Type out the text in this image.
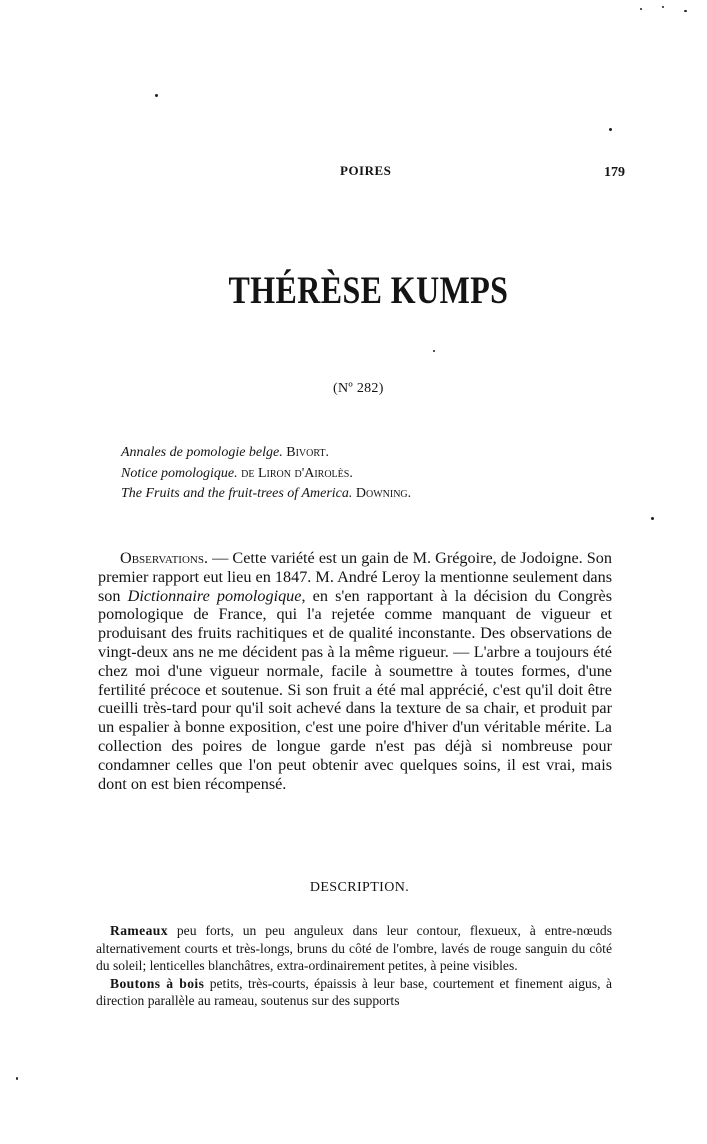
POIRES	179
THÉRÈSE KUMPS
(Nº 282)
Annales de pomologie belge. Bivort.
Notice pomologique. de Liron d'Airolès.
The Fruits and the fruit-trees of America. Downing.

Observations. — Cette variété est un gain de M. Grégoire, de Jodoigne. Son premier rapport eut lieu en 1847. M. André Leroy la mentionne seulement dans son Dictionnaire pomologique, en s'en rapportant à la décision du Congrès pomologique de France, qui l'a rejetée comme manquant de vigueur et produisant des fruits rachitiques et de qualité inconstante. Des observations de vingt-deux ans ne me décident pas à la même rigueur. — L'arbre a toujours été chez moi d'une vigueur normale, facile à soumettre à toutes formes, d'une fertilité précoce et soutenue. Si son fruit a été mal apprécié, c'est qu'il doit être cueilli très-tard pour qu'il soit achevé dans la texture de sa chair, et produit par un espalier à bonne exposition, c'est une poire d'hiver d'un véritable mérite. La collection des poires de longue garde n'est pas déjà si nombreuse pour condamner celles que l'on peut obtenir avec quelques soins, il est vrai, mais dont on est bien récompensé.

DESCRIPTION.

Rameaux peu forts, un peu anguleux dans leur contour, flexueux, à entre-nœuds alternativement courts et très-longs, bruns du côté de l'ombre, lavés de rouge sanguin du côté du soleil; lenticelles blanchâtres, extra-ordinairement petites, à peine visibles.

Boutons à bois petits, très-courts, épaissis à leur base, courtement et finement aigus, à direction parallèle au rameau, soutenus sur des supports
